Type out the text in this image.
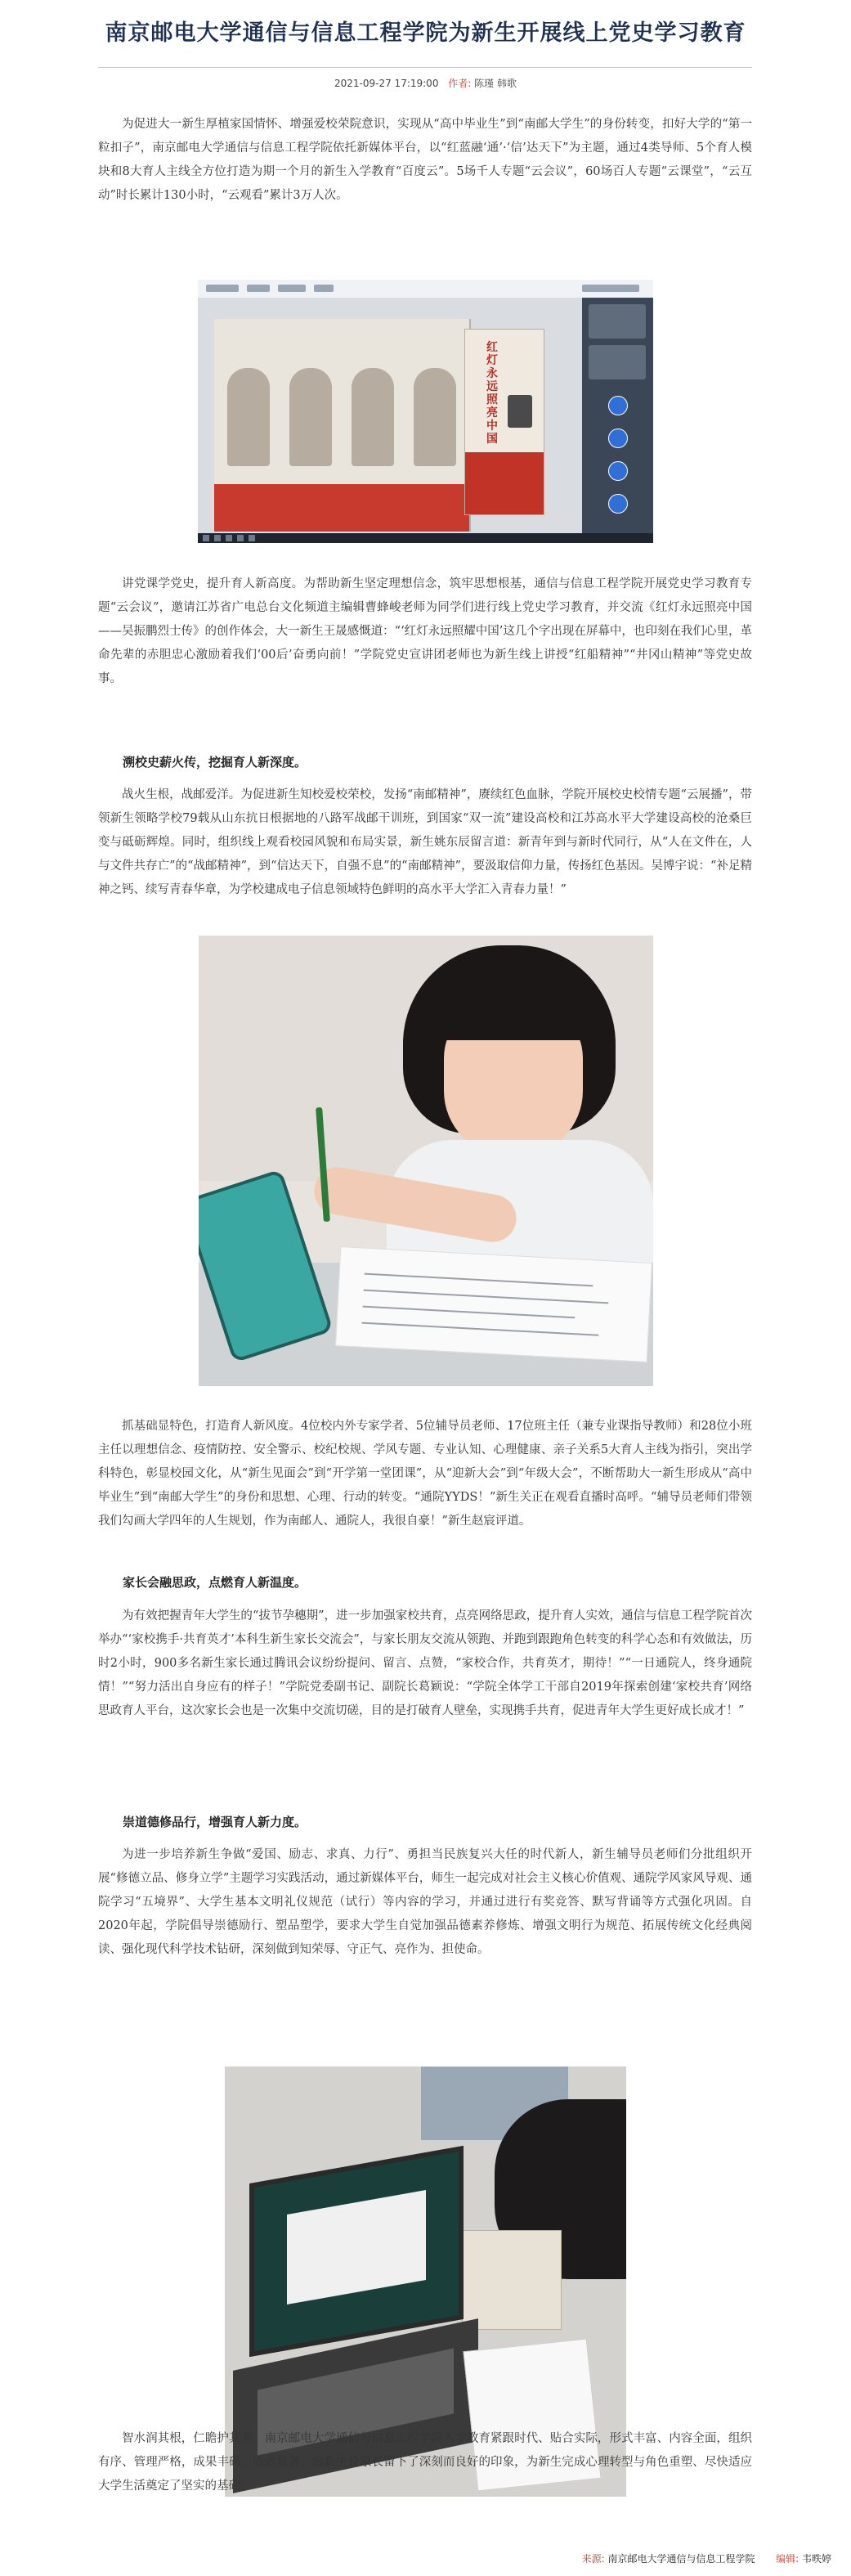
南京邮电大学通信与信息工程学院为新生开展线上党史学习教育
2021-09-27 17:19:00 作者: 陈瑾 韩歌

为促进大一新生厚植家国情怀、增强爱校荣院意识，实现从“高中毕业生”到“南邮大学生”的身份转变，扣好大学的“第一粒扣子”，南京邮电大学通信与信息工程学院依托新媒体平台，以“红蓝融‘通’·‘信’达天下”为主题，通过4类导师、5个育人模块和8大育人主线全方位打造为期一个月的新生入学教育“百度云”。5场千人专题“云会议”，60场百人专题“云课堂”，“云互动”时长累计130小时，“云观看”累计3万人次。

红灯永远照亮中国

讲党课学党史，提升育人新高度。为帮助新生坚定理想信念，筑牢思想根基，通信与信息工程学院开展党史学习教育专题“云会议”，邀请江苏省广电总台文化频道主编辑曹蜂峻老师为同学们进行线上党史学习教育，并交流《红灯永远照亮中国——吴振鹏烈士传》的创作体会，大一新生王晟感慨道：“‘红灯永远照耀中国’这几个字出现在屏幕中，也印刻在我们心里，革命先辈的赤胆忠心激励着我们‘00后’奋勇向前！”学院党史宣讲团老师也为新生线上讲授“红船精神”“井冈山精神”等党史故事。

溯校史薪火传，挖掘育人新深度。

战火生根，战邮爱洋。为促进新生知校爱校荣校，发扬“南邮精神”，赓续红色血脉，学院开展校史校情专题“云展播”，带领新生领略学校79载从山东抗日根据地的八路军战邮干训班，到国家“双一流”建设高校和江苏高水平大学建设高校的沧桑巨变与砥砺辉煌。同时，组织线上观看校园风貌和布局实景，新生姚东辰留言道：新青年到与新时代同行，从“人在文件在，人与文件共存亡”的“战邮精神”，到“信达天下，自强不息”的“南邮精神”，要汲取信仰力量，传扬红色基因。吴博宇说：“补足精神之钙、续写青春华章，为学校建成电子信息领域特色鲜明的高水平大学汇入青春力量！”

抓基础显特色，打造育人新风度。4位校内外专家学者、5位辅导员老师、17位班主任（兼专业课指导教师）和28位小班主任以理想信念、疫情防控、安全警示、校纪校规、学风专题、专业认知、心理健康、亲子关系5大育人主线为指引，突出学科特色，彰显校园文化，从“新生见面会”到“开学第一堂团课”，从“迎新大会”到“年级大会”，不断帮助大一新生形成从“高中毕业生”到“南邮大学生”的身份和思想、心理、行动的转变。“通院YYDS！”新生关正在观看直播时高呼。“辅导员老师们带领我们勾画大学四年的人生规划，作为南邮人、通院人，我很自豪！”新生赵宸评道。

家长会融思政，点燃育人新温度。

为有效把握青年大学生的“拔节孕穗期”，进一步加强家校共育，点亮网络思政，提升育人实效，通信与信息工程学院首次举办“‘家校携手·共育英才’本科生新生家长交流会”，与家长朋友交流从领跑、并跑到跟跑角色转变的科学心态和有效做法，历时2小时，900多名新生家长通过腾讯会议纷纷提问、留言、点赞，“家校合作，共育英才，期待！”“一日通院人，终身通院情！”“努力活出自身应有的样子！”学院党委副书记、副院长葛颖说：“学院全体学工干部自2019年探索创建‘家校共育’网络思政育人平台，这次家长会也是一次集中交流切磋，目的是打破育人壁垒，实现携手共育，促进青年大学生更好成长成才！”

崇道德修品行，增强育人新力度。

为进一步培养新生争做“爱国、励志、求真、力行”、勇担当民族复兴大任的时代新人，新生辅导员老师们分批组织开展“修德立品、修身立学”主题学习实践活动，通过新媒体平台，师生一起完成对社会主义核心价值观、通院学风家风导观、通院学习“五境界”、大学生基本文明礼仪规范（试行）等内容的学习，并通过进行有奖竞答、默写背诵等方式强化巩固。自2020年起，学院倡导崇德励行、塑品塑学，要求大学生自觉加强品德素养修炼、增强文明行为规范、拓展传统文化经典阅读、强化现代科学技术钻研，深刻做到知荣辱、守正气、亮作为、担使命。

智水润其根，仁瞻护其芳。南京邮电大学通信与信息工程学院入学教育紧跟时代、贴合实际，形式丰富、内容全面，组织有序、管理严格，成果丰硕、成效显著，给新生及家长留下了深刻而良好的印象，为新生完成心理转型与角色重塑、尽快适应大学生活奠定了坚实的基础。

来源: 南京邮电大学通信与信息工程学院 编辑: 韦昳婷
